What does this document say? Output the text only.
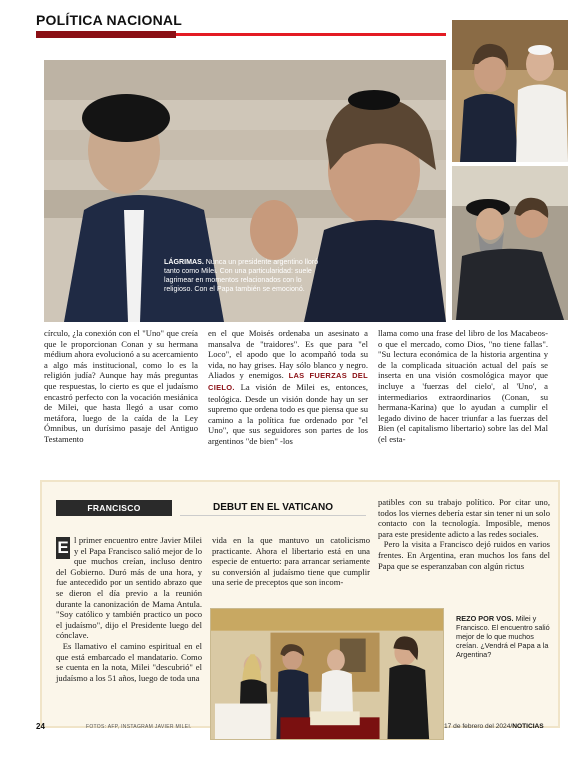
POLÍTICA NACIONAL
LÁGRIMAS. Nunca un presidente argentino lloró tanto como Milei. Con una particularidad: suele lagrimear en momentos relacionados con lo religioso. Con el Papa también se emocionó.
círculo, ¿la conexión con el "Uno" que creía que le proporcionan Conan y su hermana médium ahora evolucionó a su acercamiento a algo más institucional, como lo es la religión judía? Aunque hay más preguntas que respuestas, lo cierto es que el judaísmo encastró perfecto con la vocación mesiánica de Milei, que hasta llegó a usar como metáfora, luego de la caída de la Ley Ómnibus, un durísimo pasaje del Antiguo Testamento
en el que Moisés ordenaba un asesinato a mansalva de "traidores". Es que para "el Loco", el apodo que lo acompañó toda su vida, no hay grises. Hay sólo blanco y negro. Aliados y enemigos. LAS FUERZAS DEL CIELO. La visión de Milei es, entonces, teológica. Desde un visión donde hay un ser supremo que ordena todo es que piensa que su camino a la política fue ordenado por "el Uno", que sus seguidores son partes de los argentinos "de bien" -los
llama como una frase del libro de los Macabeos- o que el mercado, como Dios, "no tiene fallas". "Su lectura económica de la historia argentina y de la complicada situación actual del país se inserta en una visión cosmológica mayor que incluye a 'fuerzas del cielo', al 'Uno', a intermediarios extraordinarios (Conan, su hermana-Karina) que lo ayudan a cumplir el legado divino de hacer triunfar a las fuerzas del Bien (el capitalismo libertario) sobre las del Mal (el esta-
FRANCISCO	DEBUT EN EL VATICANO
E l primer encuentro entre Javier Milei y el Papa Francisco salió mejor de lo que muchos creían, incluso dentro del Gobierno. Duró más de una hora, y fue antecedido por un sentido abrazo que se dieron el día previo a la reunión durante la canonización de Mama Antula. "Soy católico y también practico un poco el judaísmo", dijo el Presidente luego del cónclave.
Es llamativo el camino espiritual en el que está embarcado el mandatario. Como se cuenta en la nota, Milei "descubrió" el judaísmo a los 51 años, luego de toda una
vida en la que mantuvo un catolicismo practicante. Ahora el libertario está en una especie de entuerto: para arrancar seriamente su conversión al judaísmo tiene que cumplir una serie de preceptos que son incom-
patibles con su trabajo político. Por citar uno, todos los viernes debería estar sin tener ni un solo contacto con la tecnología. Imposible, menos para este presidente adicto a las redes sociales.
Pero la visita a Francisco dejó ruidos en varios frentes. En Argentina, eran muchos los fans del Papa que se esperanzaban con algún rictus
REZO POR VOS. Milei y Francisco. El encuentro salió mejor de lo que muchos creían. ¿Vendrá el Papa a la Argentina?
24	FOTOS: AFP, INSTAGRAM JAVIER MILEI.	17 de febrero del 2024/NOTICIAS
